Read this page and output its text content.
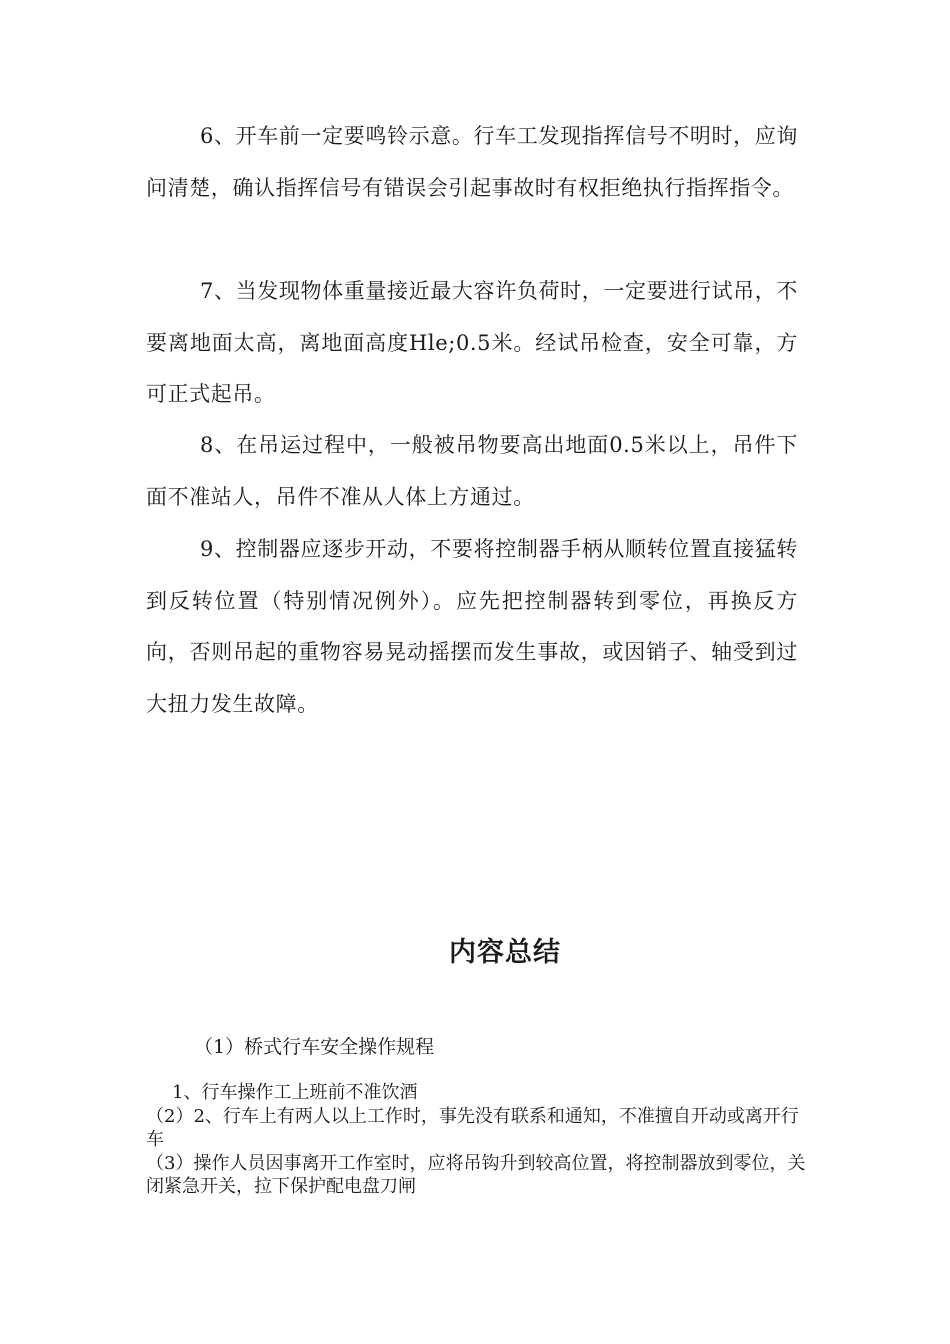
6、开车前一定要鸣铃示意。行车工发现指挥信号不明时，应询问清楚，确认指挥信号有错误会引起事故时有权拒绝执行指挥指令。

7、当发现物体重量接近最大容许负荷时，一定要进行试吊，不要离地面太高，离地面高度Hle;0.5米。经试吊检查，安全可靠，方可正式起吊。

8、在吊运过程中，一般被吊物要高出地面0.5米以上，吊件下面不准站人，吊件不准从人体上方通过。

9、控制器应逐步开动，不要将控制器手柄从顺转位置直接猛转到反转位置（特别情况例外）。应先把控制器转到零位，再换反方向，否则吊起的重物容易晃动摇摆而发生事故，或因销子、轴受到过大扭力发生故障。

内容总结

（1）桥式行车安全操作规程

1、行车操作工上班前不准饮酒

（2）2、行车上有两人以上工作时，事先没有联系和通知，不准擅自开动或离开行车

（3）操作人员因事离开工作室时，应将吊钩升到较高位置，将控制器放到零位，关闭紧急开关，拉下保护配电盘刀闸
